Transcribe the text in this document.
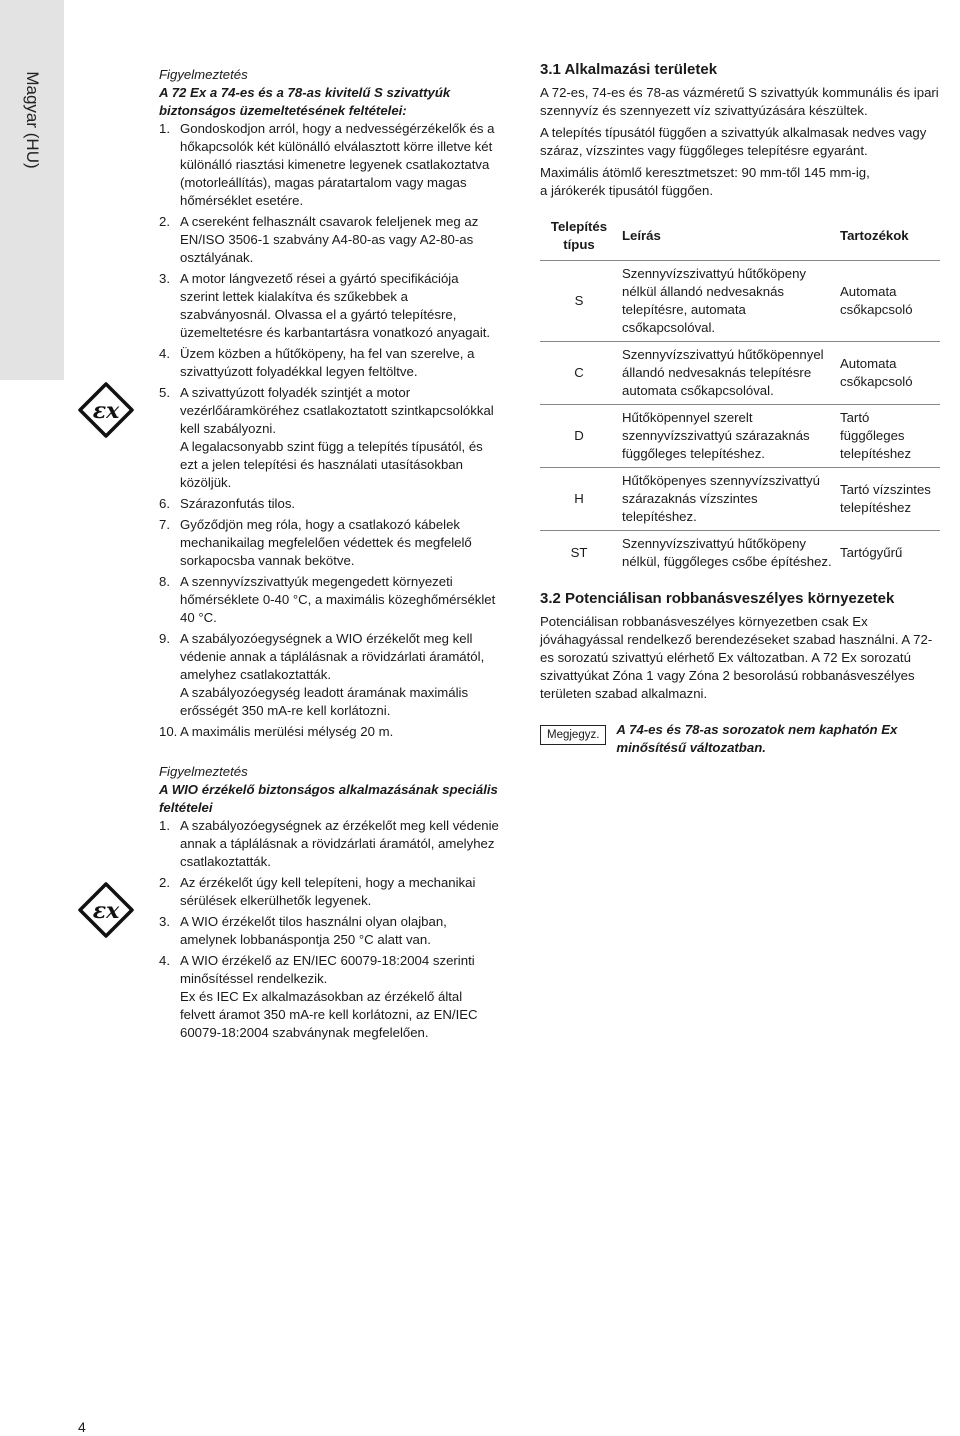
Magyar (HU)
εx
εx
Figyelmeztetés
A 72 Ex a 74-es és a 78-as kivitelű S szivattyúk biztonságos üzemeltetésének feltételei:
1. Gondoskodjon arról, hogy a nedvességérzékelők és a hőkapcsolók két különálló elválasztott körre illetve két különálló riasztási kimenetre legyenek csatlakoztatva (motorleállítás), magas páratartalom vagy magas hőmérséklet esetére.
2. A csereként felhasznált csavarok feleljenek meg az EN/ISO 3506-1 szabvány A4-80-as vagy A2-80-as osztályának.
3. A motor lángvezető rései a gyártó specifikációja szerint lettek kialakítva és szűkebbek a szabványosnál. Olvassa el a gyártó telepítésre, üzemeltetésre és karbantartásra vonatkozó anyagait.
4. Üzem közben a hűtőköpeny, ha fel van szerelve, a szivattyúzott folyadékkal legyen feltöltve.
5. A szivattyúzott folyadék szintjét a motor vezérlőáramköréhez csatlakoztatott szintkapcsolókkal kell szabályozni.
A legalacsonyabb szint függ a telepítés típusától, és ezt a jelen telepítési és használati utasításokban közöljük.
6. Szárazonfutás tilos.
7. Győződjön meg róla, hogy a csatlakozó kábelek mechanikailag megfelelően védettek és megfelelő sorkapocsba vannak bekötve.
8. A szennyvízszivattyúk megengedett környezeti hőmérséklete 0-40 °C, a maximális közeghőmérséklet 40 °C.
9. A szabályozóegységnek a WIO érzékelőt meg kell védenie annak a táplálásnak a rövidzárlati áramától, amelyhez csatlakoztatták.
A szabályozóegység leadott áramának maximális erősségét 350 mA-re kell korlátozni.
10. A maximális merülési mélység 20 m.
Figyelmeztetés
A WIO érzékelő biztonságos alkalmazásának speciális feltételei
1. A szabályozóegységnek az érzékelőt meg kell védenie annak a táplálásnak a rövidzárlati áramától, amelyhez csatlakoztatták.
2. Az érzékelőt úgy kell telepíteni, hogy a mechanikai sérülések elkerülhetők legyenek.
3. A WIO érzékelőt tilos használni olyan olajban, amelynek lobbanáspontja 250 °C alatt van.
4. A WIO érzékelő az EN/IEC 60079-18:2004 szerinti minősítéssel rendelkezik.
Ex és IEC Ex alkalmazásokban az érzékelő által felvett áramot 350 mA-re kell korlátozni, az EN/IEC 60079-18:2004 szabványnak megfelelően.
3.1 Alkalmazási területek

A 72-es, 74-es és 78-as vázméretű S szivattyúk kommunális és ipari szennyvíz és szennyezett víz szivattyúzására készültek.

A telepítés típusától függően a szivattyúk alkalmasak nedves vagy száraz, vízszintes vagy függőleges telepítésre egyaránt.

Maximális átömlő keresztmetszet: 90 mm-től 145 mm-ig,
a járókerék tipusától függően.

Telepítés típus	Leírás	Tartozékok
S	Szennyvízszivattyú hűtőköpeny nélkül állandó nedvesaknás telepítésre, automata csőkapcsolóval.	Automata csőkapcsoló
C	Szennyvízszivattyú hűtőköpennyel állandó nedvesaknás telepítésre automata csőkapcsolóval.	Automata csőkapcsoló
D	Hűtőköpennyel szerelt szennyvízszivattyú szárazaknás függőleges telepítéshez.	Tartó függőleges telepítéshez
H	Hűtőköpenyes szennyvízszivattyú szárazaknás vízszintes telepítéshez.	Tartó vízszintes telepítéshez
ST	Szennyvízszivattyú hűtőköpeny nélkül, függőleges csőbe építéshez.	Tartógyűrű
3.2 Potenciálisan robbanásveszélyes környezetek

Potenciálisan robbanásveszélyes környezetben csak Ex jóváhagyással rendelkező berendezéseket szabad használni. A 72-es sorozatú szivattyú elérhető Ex változatban. A 72 Ex sorozatú szivattyúkat Zóna 1 vagy Zóna 2 besorolású robbanásveszélyes területen szabad alkalmazni.

Megjegyz.	A 74-es és 78-as sorozatok nem kaphatón Ex minősítésű változatban.
4
